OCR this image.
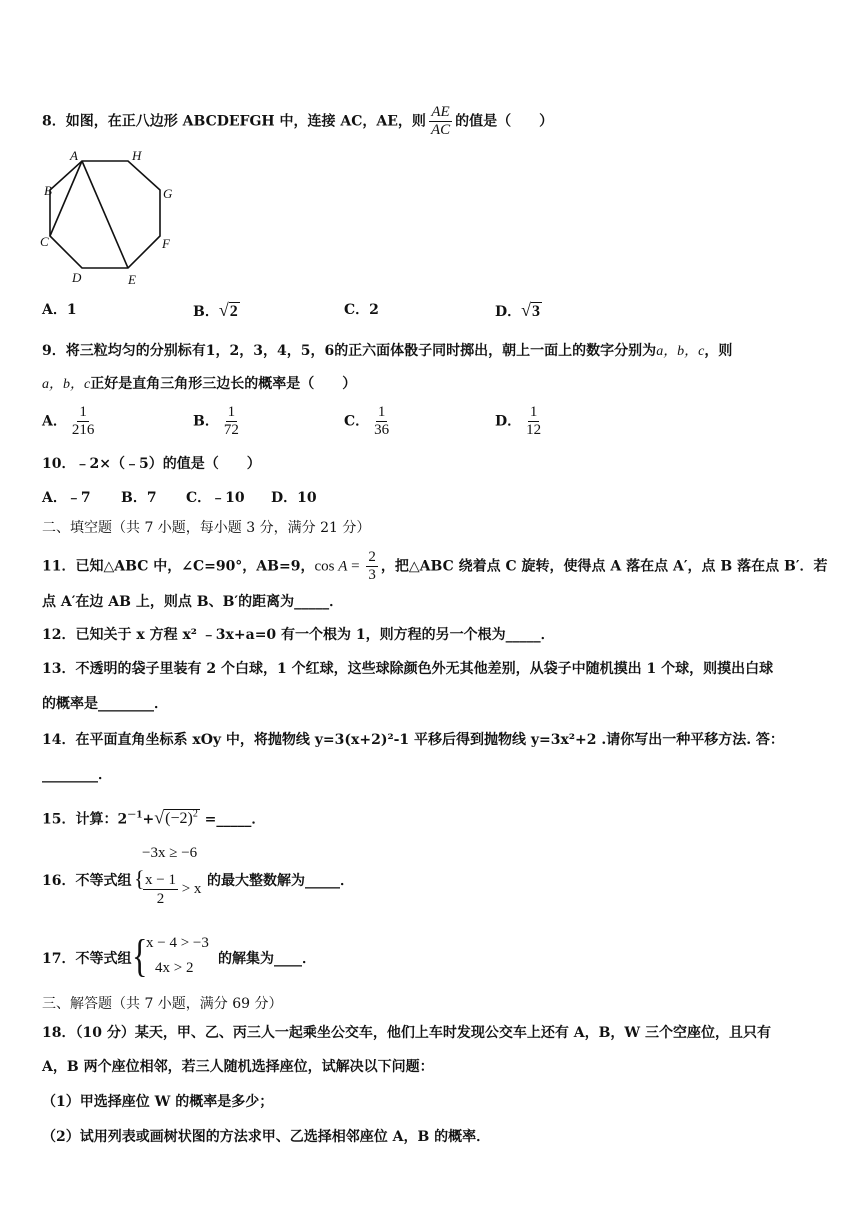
8．如图，在正八边形 ABCDEFGH 中，连接 AC，AE，则 $\frac{AE}{AC}$ 的值是（　　）
A	H
G
F
E
D
C
B
A．1	B．√2	C．2	D．√3
9．将三粒均匀的分别标有1，2，3，4，5，6的正六面体骰子同时掷出，朝上一面上的数字分别为a，b，c，则
a，b，c正好是直角三角形三边长的概率是（　　）
A． $\frac{1}{216}$	B． $\frac{1}{72}$	C． $\frac{1}{36}$	D． $\frac{1}{12}$
10．﹣2×（﹣5）的值是（　　）
A．﹣7 B．7 C．﹣10 D．10
二、填空题（共 7 小题，每小题 3 分，满分 21 分）
11．已知△ABC 中，∠C=90°，AB=9，$\cos A = \frac{2}{3}$ ，把△ABC 绕着点 C 旋转，使得点 A 落在点 A′，点 B 落在点 B′．若
点 A′在边 AB 上，则点 B、B′的距离为_____．
12．已知关于 x 方程 x² ﹣3x+a=0 有一个根为 1，则方程的另一个根为_____．
13．不透明的袋子里装有 2 个白球，1 个红球，这些球除颜色外无其他差别，从袋子中随机摸出 1 个球，则摸出白球
的概率是________．
14．在平面直角坐标系 xOy 中，将抛物线 y=3(x+2)²-1 平移后得到抛物线 y=3x²+2 .请你写出一种平移方法. 答：
________．
15．计算：$2^{-1}+√(-2)^2$ =_____．
−3x ≥ −6
16．不等式组 {
$\frac{x - 1}{2} > x$ 的最大整数解为_____．
17．不等式组 {
x − 4 > −3
4x > 2
的解集为____．
三、解答题（共 7 小题，满分 69 分）
18．（10 分）某天，甲、乙、丙三人一起乘坐公交车，他们上车时发现公交车上还有 A，B，W 三个空座位，且只有
A，B 两个座位相邻，若三人随机选择座位，试解决以下问题：
（1）甲选择座位 W 的概率是多少；
（2）试用列表或画树状图的方法求甲、乙选择相邻座位 A，B 的概率．
